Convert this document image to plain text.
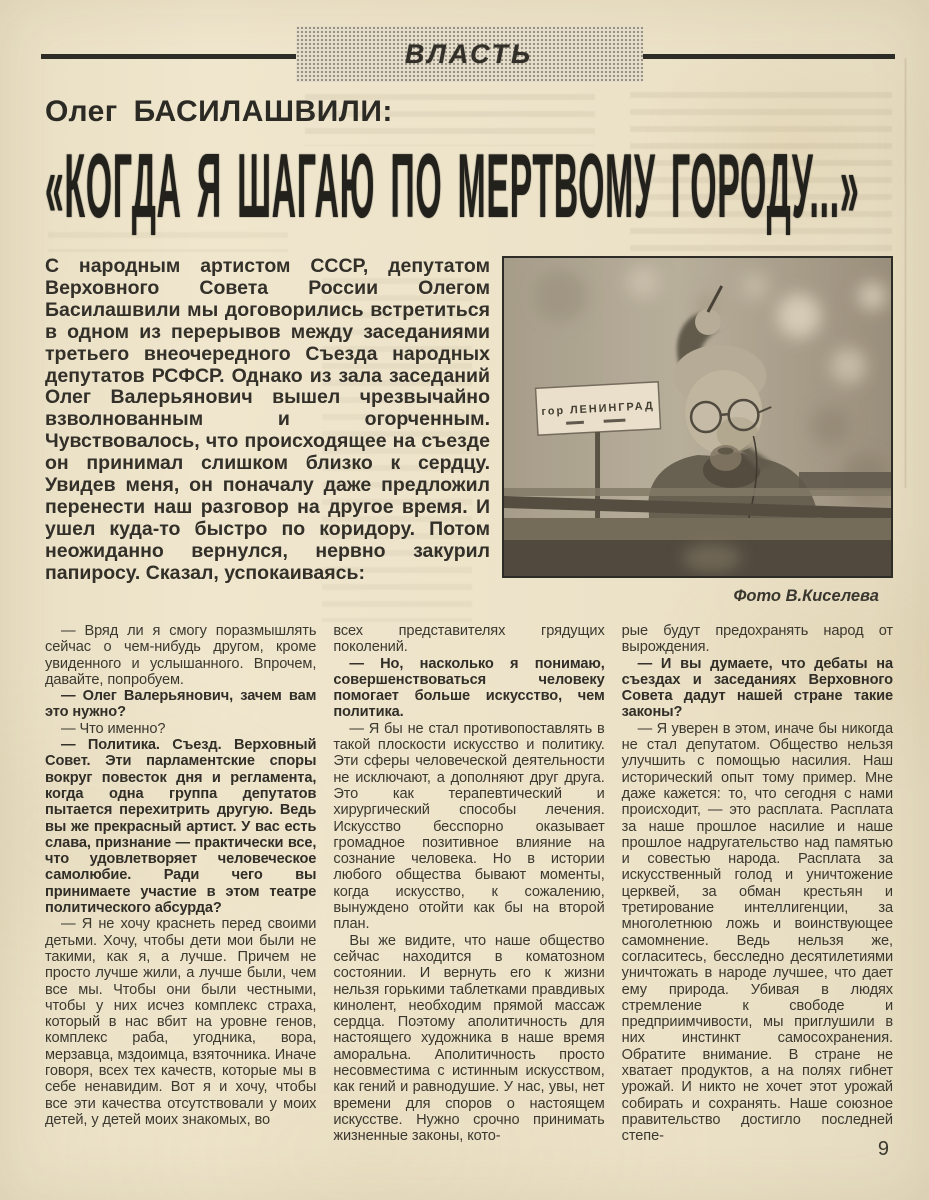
ВЛАСТЬ
Олег БАСИЛАШВИЛИ:
«КОГДА Я ШАГАЮ ПО МЕРТВОМУ ГОРОДУ...»
С народным артистом СССР, депутатом Верховного Совета России Олегом Басилашвили мы договорились встретиться в одном из перерывов между заседаниями третьего внеочередного Съезда народных депутатов РСФСР. Однако из зала заседаний Олег Валерьянович вышел чрезвычайно взволнованным и огорченным. Чувствовалось, что происходящее на съезде он принимал слишком близко к сердцу. Увидев меня, он поначалу даже предложил перенести наш разговор на другое время. И ушел куда-то быстро по коридору. Потом неожиданно вернулся, нервно закурил папиросу. Сказал, успокаиваясь:
гор ЛЕНИНГРАД
Фото В.Киселева

— Вряд ли я смогу поразмышлять сейчас о чем-нибудь другом, кроме увиденного и услышанного. Впрочем, давайте, попробуем.

— Олег Валерьянович, зачем вам это нужно?

— Что именно?

— Политика. Съезд. Верховный Совет. Эти парламентские споры вокруг повесток дня и регламента, когда одна группа депутатов пытается перехитрить другую. Ведь вы же прекрасный артист. У вас есть слава, признание — практически все, что удовлетворяет человеческое самолюбие. Ради чего вы принимаете участие в этом театре политического абсурда?

— Я не хочу краснеть перед своими детьми. Хочу, чтобы дети мои были не такими, как я, а лучше. Причем не просто лучше жили, а лучше были, чем все мы. Чтобы они были честными, чтобы у них исчез комплекс страха, который в нас вбит на уровне генов, комплекс раба, угодника, вора, мерзавца, мздоимца, взяточника. Иначе говоря, всех тех качеств, которые мы в себе ненавидим. Вот я и хочу, чтобы все эти качества отсутствовали у моих детей, у детей моих знакомых, во

всех представителях грядущих поколений.

— Но, насколько я понимаю, совершенствоваться человеку помогает больше искусство, чем политика.

— Я бы не стал противопоставлять в такой плоскости искусство и политику. Эти сферы человеческой деятельности не исключают, а дополняют друг друга. Это как терапевтический и хирургический способы лечения. Искусство бесспорно оказывает громадное позитивное влияние на сознание человека. Но в истории любого общества бывают моменты, когда искусство, к сожалению, вынуждено отойти как бы на второй план.

Вы же видите, что наше общество сейчас находится в коматозном состоянии. И вернуть его к жизни нельзя горькими таблетками правдивых кинолент, необходим прямой массаж сердца. Поэтому аполитичность для настоящего художника в наше время аморальна. Аполитичность просто несовместима с истинным искусством, как гений и равнодушие. У нас, увы, нет времени для споров о настоящем искусстве. Нужно срочно принимать жизненные законы, кото-

рые будут предохранять народ от вырождения.

— И вы думаете, что дебаты на съездах и заседаниях Верховного Совета дадут нашей стране такие законы?

— Я уверен в этом, иначе бы никогда не стал депутатом. Общество нельзя улучшить с помощью насилия. Наш исторический опыт тому пример. Мне даже кажется: то, что сегодня с нами происходит, — это расплата. Расплата за наше прошлое насилие и наше прошлое надругательство над памятью и совестью народа. Расплата за искусственный голод и уничтожение церквей, за обман крестьян и третирование интеллигенции, за многолетнюю ложь и воинствующее самомнение. Ведь нельзя же, согласитесь, бесследно десятилетиями уничтожать в народе лучшее, что дает ему природа. Убивая в людях стремление к свободе и предприимчивости, мы приглушили в них инстинкт самосохранения. Обратите внимание. В стране не хватает продуктов, а на полях гибнет урожай. И никто не хочет этот урожай собирать и сохранять. Наше союзное правительство достигло последней степе-

9
